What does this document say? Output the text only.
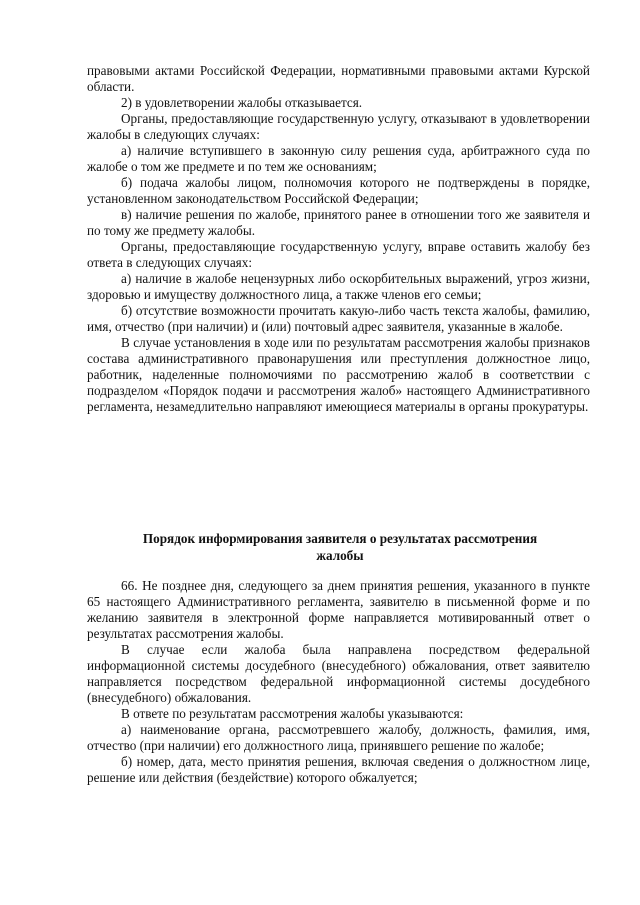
правовыми актами Российской Федерации, нормативными правовыми актами Курской области.

2) в удовлетворении жалобы отказывается.

Органы, предоставляющие государственную услугу, отказывают в удовлетворении жалобы в следующих случаях:

а) наличие вступившего в законную силу решения суда, арбитражного суда по жалобе о том же предмете и по тем же основаниям;

б) подача жалобы лицом, полномочия которого не подтверждены в порядке, установленном законодательством Российской Федерации;

в) наличие решения по жалобе, принятого ранее в отношении того же заявителя и по тому же предмету жалобы.

Органы, предоставляющие государственную услугу, вправе оставить жалобу без ответа в следующих случаях:

а) наличие в жалобе нецензурных либо оскорбительных выражений, угроз жизни, здоровью и имуществу должностного лица, а также членов его семьи;

б) отсутствие возможности прочитать какую-либо часть текста жалобы, фамилию, имя, отчество (при наличии) и (или) почтовый адрес заявителя, указанные в жалобе.

В случае установления в ходе или по результатам рассмотрения жалобы признаков состава административного правонарушения или преступления должностное лицо, работник, наделенные полномочиями по рассмотрению жалоб в соответствии с подразделом «Порядок подачи и рассмотрения жалоб» настоящего Административного регламента, незамедлительно направляют имеющиеся материалы в органы прокуратуры.

Порядок информирования заявителя о результатах рассмотрения жалобы

66. Не позднее дня, следующего за днем принятия решения, указанного в пункте 65 настоящего Административного регламента, заявителю в письменной форме и по желанию заявителя в электронной форме направляется мотивированный ответ о результатах рассмотрения жалобы.

В случае если жалоба была направлена посредством федеральной информационной системы досудебного (внесудебного) обжалования, ответ заявителю направляется посредством федеральной информационной системы досудебного (внесудебного) обжалования.

В ответе по результатам рассмотрения жалобы указываются:

а) наименование органа, рассмотревшего жалобу, должность, фамилия, имя, отчество (при наличии) его должностного лица, принявшего решение по жалобе;

б) номер, дата, место принятия решения, включая сведения о должностном лице, решение или действия (бездействие) которого обжалуется;
